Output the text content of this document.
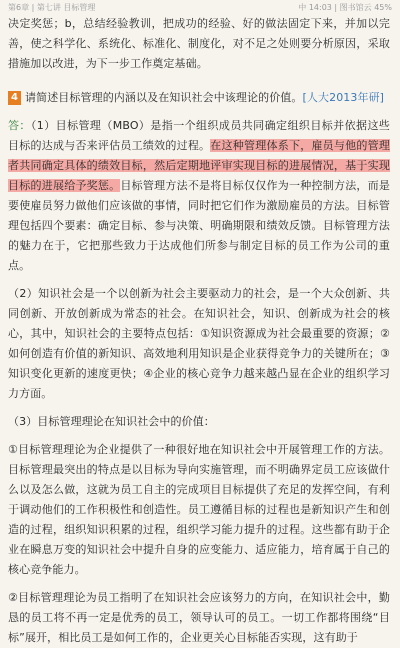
第6章 | 第七讲 目标管理	中 14:03 | 图书馆云 45%

决定奖惩；b，总结经验教训，把成功的经验、好的做法固定下来，并加以完善，使之科学化、系统化、标准化、制度化，对不足之处则要分析原因，采取措施加以改进，为下一步工作奠定基础。

4 请简述目标管理的内涵以及在知识社会中该理论的价值。[人大2013年研]

答：（1）目标管理（MBO）是指一个组织成员共同确定组织目标并依据这些目标的达成与否来评估员工绩效的过程。在这种管理体系下，雇员与他的管理者共同确定具体的绩效目标，然后定期地评审实现目标的进展情况，基于实现目标的进展给予奖惩。目标管理方法不是将目标仅仅作为一种控制方法，而是要使雇员努力做他们应该做的事情，同时把它们作为激励雇员的方法。目标管理包括四个要素：确定目标、参与决策、明确期限和绩效反馈。目标管理方法的魅力在于，它把那些致力于达成他们所参与制定目标的员工作为公司的重点。

（2）知识社会是一个以创新为社会主要驱动力的社会，是一个大众创新、共同创新、开放创新成为常态的社会。在知识社会，知识、创新成为社会的核心，其中，知识社会的主要特点包括：①知识资源成为社会最重要的资源；②如何创造有价值的新知识、高效地利用知识是企业获得竞争力的关键所在；③知识变化更新的速度更快；④企业的核心竞争力越来越凸显在企业的组织学习力方面。

（3）目标管理理论在知识社会中的价值：

①目标管理理论为企业提供了一种很好地在知识社会中开展管理工作的方法。目标管理最突出的特点是以目标为导向实施管理，而不明确界定员工应该做什么以及怎么做，这就为员工自主的完成项目目标提供了充足的发挥空间，有利于调动他们的工作积极性和创造性。员工遵循目标的过程也是新知识产生和创造的过程，组织知识积累的过程，组织学习能力提升的过程。这些都有助于企业在瞬息万变的知识社会中提升自身的应变能力、适应能力，培育属于自己的核心竞争能力。

②目标管理理论为员工指明了在知识社会应该努力的方向，在知识社会中，勤恳的员工将不再一定是优秀的员工，领导认可的员工。一切工作都将围绕“目标”展开，相比员工是如何工作的，企业更关心目标能否实现，这有助于
